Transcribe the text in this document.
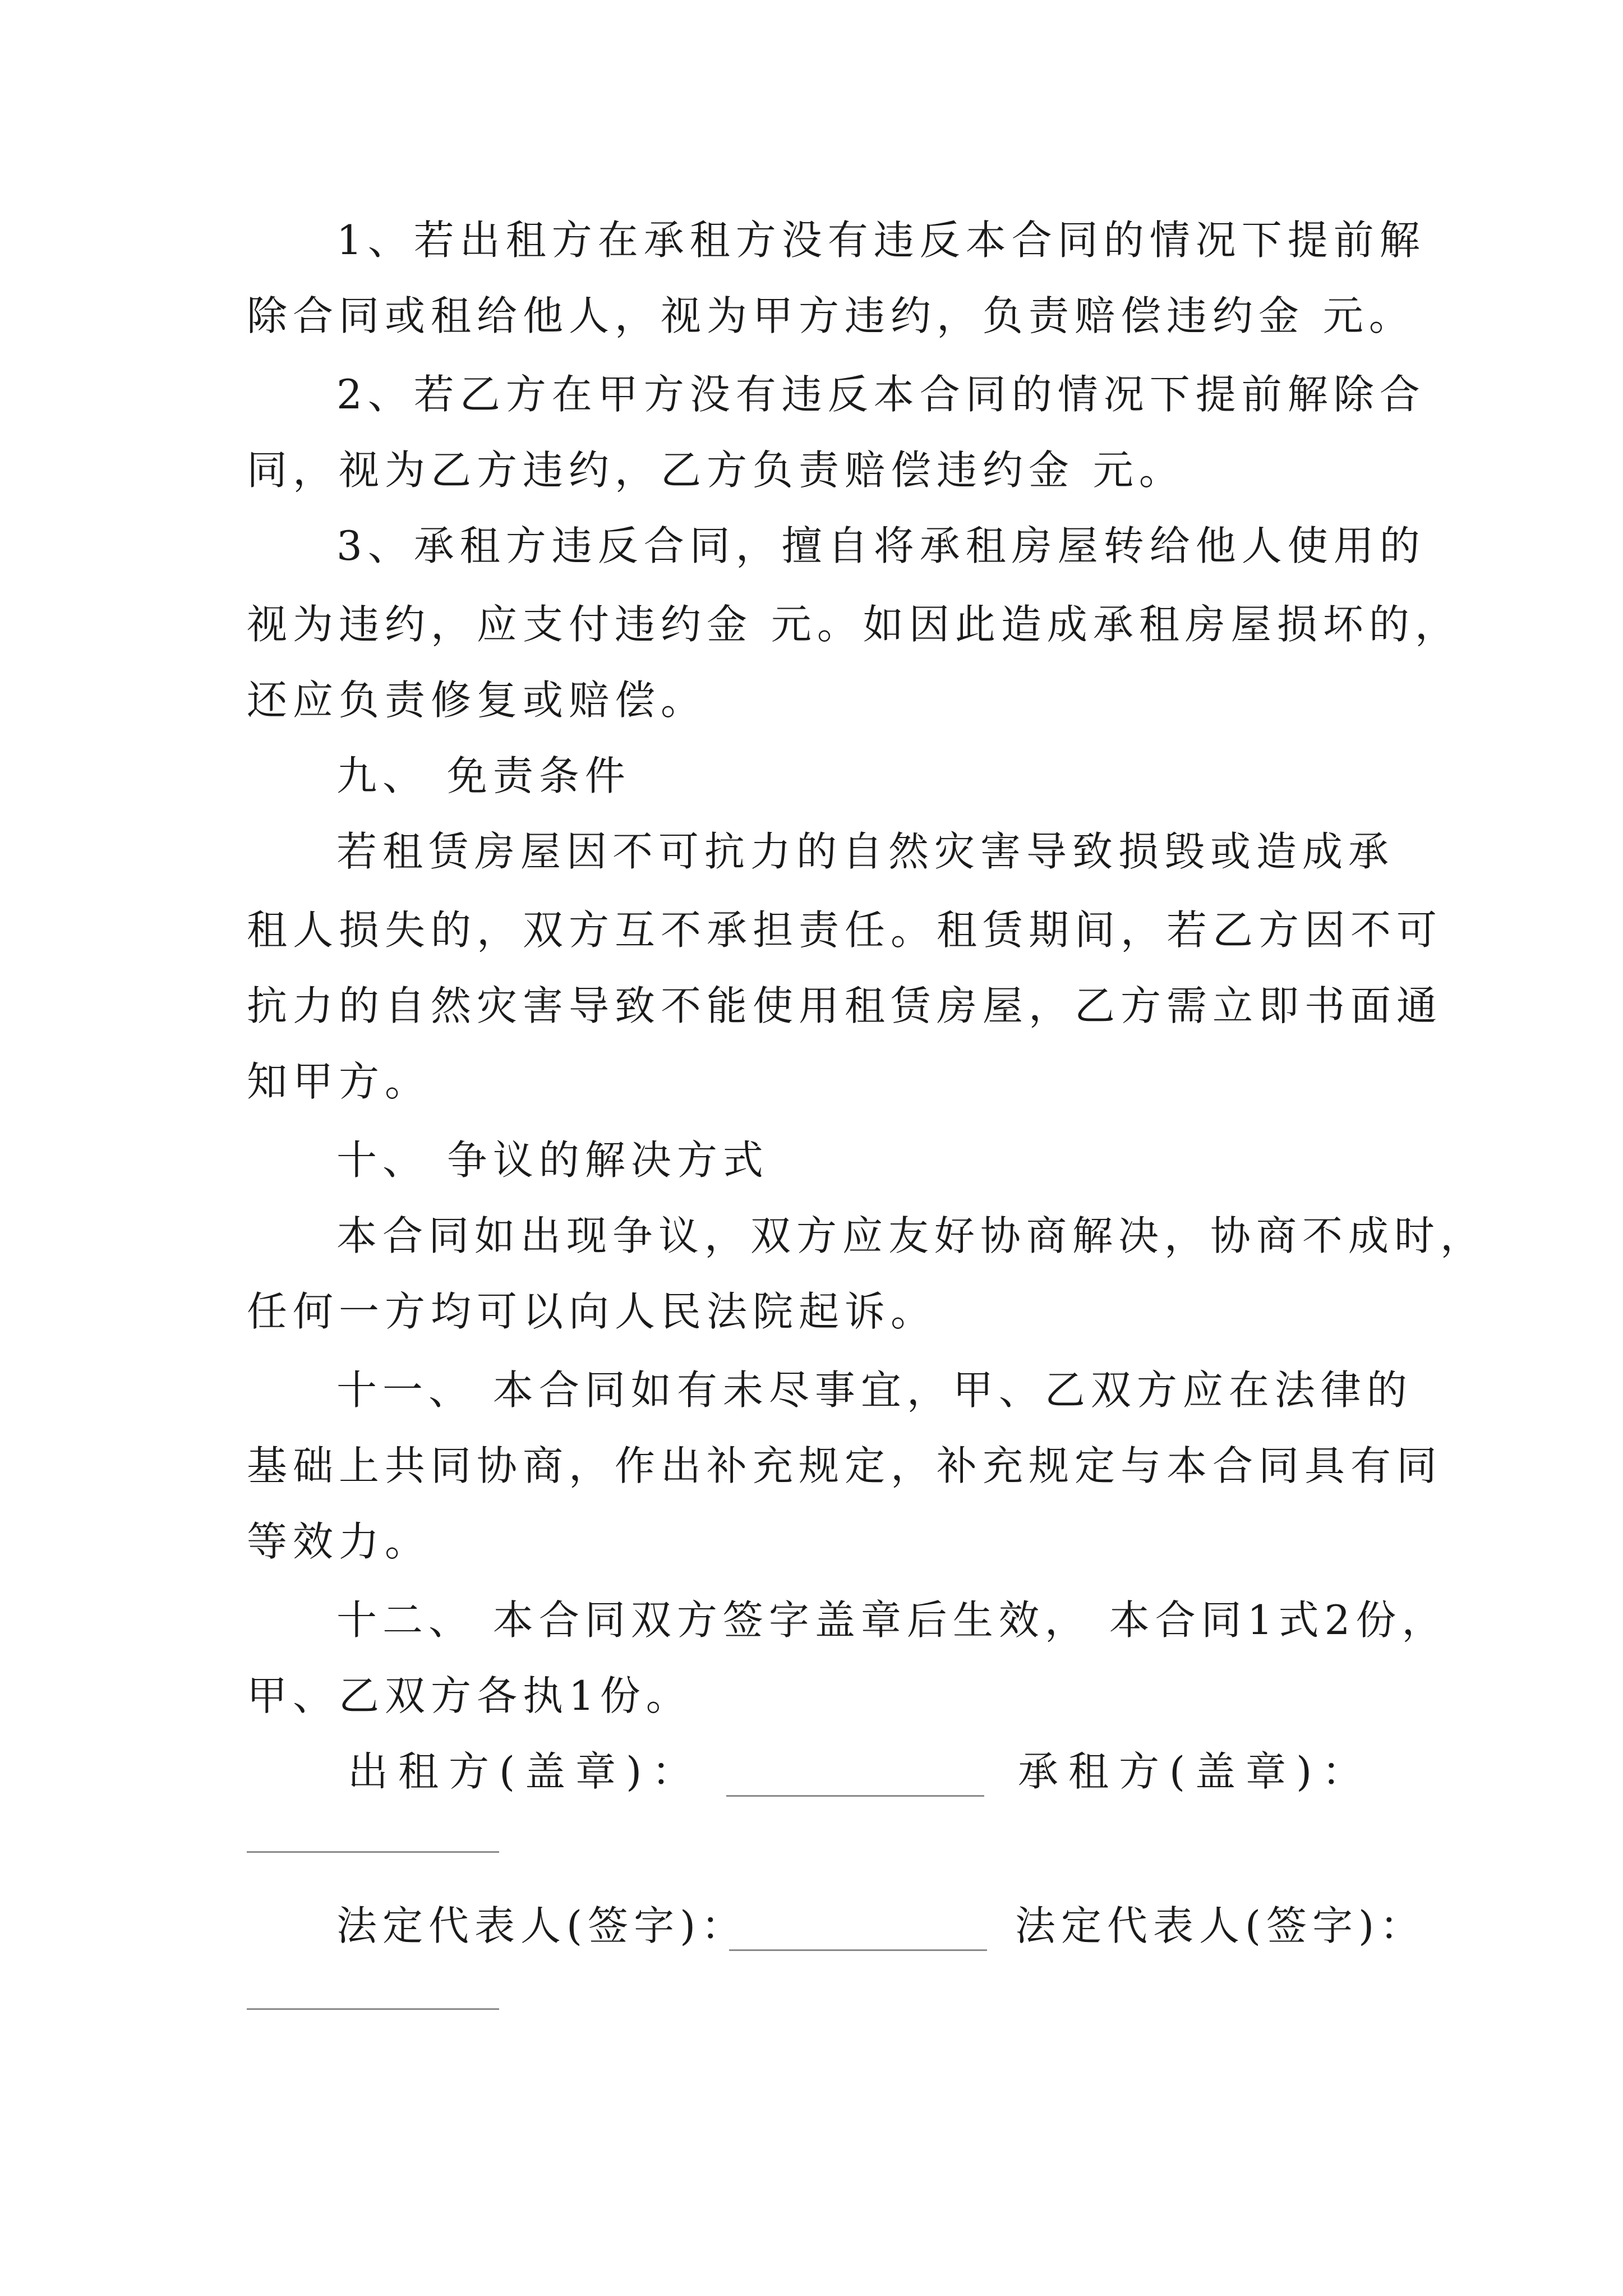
1、若出租方在承租方没有违反本合同的情况下提前解
除合同或租给他人，视为甲方违约，负责赔偿违约金 元。
2、若乙方在甲方没有违反本合同的情况下提前解除合
同，视为乙方违约，乙方负责赔偿违约金 元。
3、承租方违反合同，擅自将承租房屋转给他人使用的
视为违约，应支付违约金 元。如因此造成承租房屋损坏的，
还应负责修复或赔偿。
九、 免责条件
若租赁房屋因不可抗力的自然灾害导致损毁或造成承
租人损失的，双方互不承担责任。租赁期间，若乙方因不可
抗力的自然灾害导致不能使用租赁房屋，乙方需立即书面通
知甲方。
十、 争议的解决方式
本合同如出现争议，双方应友好协商解决，协商不成时，
任何一方均可以向人民法院起诉。
十一、 本合同如有未尽事宜，甲、乙双方应在法律的
基础上共同协商，作出补充规定，补充规定与本合同具有同
等效力。
十二、 本合同双方签字盖章后生效， 本合同1式2份，
甲、乙双方各执1份。
出租方(盖章)：	承租方(盖章)：
法定代表人(签字)：	法定代表人(签字)：
